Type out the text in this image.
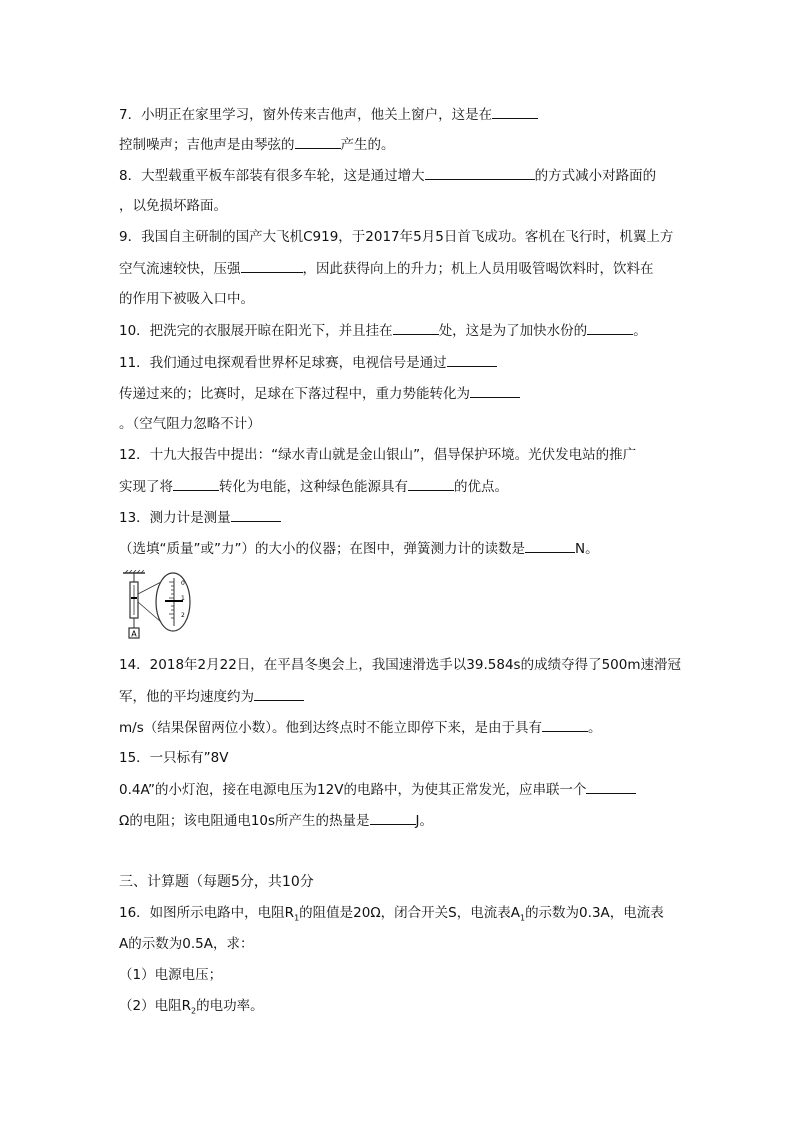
7．小明正在家里学习，窗外传来吉他声，他关上窗户，这是在

控制噪声；吉他声是由琴弦的	产生的。

8．大型载重平板车部装有很多车轮，这是通过增大	的方式减小对路面的

，以免损坏路面。

9．我国自主研制的国产大飞机C919，于2017年5月5日首飞成功。客机在飞行时，机翼上方

空气流速较快，压强	，因此获得向上的升力；机上人员用吸管喝饮料时，饮料在

的作用下被吸入口中。

10．把洗完的衣服展开晾在阳光下，并且挂在	处，这是为了加快水份的	。

11．我们通过电探观看世界杯足球赛，电视信号是通过

传递过来的；比赛时，足球在下落过程中，重力势能转化为

。（空气阻力忽略不计）

12．十九大报告中提出：“绿水青山就是金山银山”，倡导保护环境。光伏发电站的推广

实现了将	转化为电能，这种绿色能源具有	的优点。

13．测力计是测量

（选填“质量”或”力”）的大小的仪器；在图中，弹簧测力计的读数是	N。

A
0
1
2

14．2018年2月22日，在平昌冬奥会上，我国速滑选手以39.584s的成绩夺得了500m速滑冠

军，他的平均速度约为

m/s（结果保留两位小数）。他到达终点时不能立即停下来，是由于具有	。

15．一只标有”8V

0.4A”的小灯泡，接在电源电压为12V的电路中，为使其正常发光，应串联一个

Ω的电阻；该电阻通电10s所产生的热量是	J。

三、计算题（每题5分，共10分

16．如图所示电路中，电阻$R_1$的阻值是20Ω，闭合开关S，电流表$A_1$的示数为0.3A，电流表

A的示数为0.5A，求：

（1）电源电压；

（2）电阻$R_2$的电功率。
